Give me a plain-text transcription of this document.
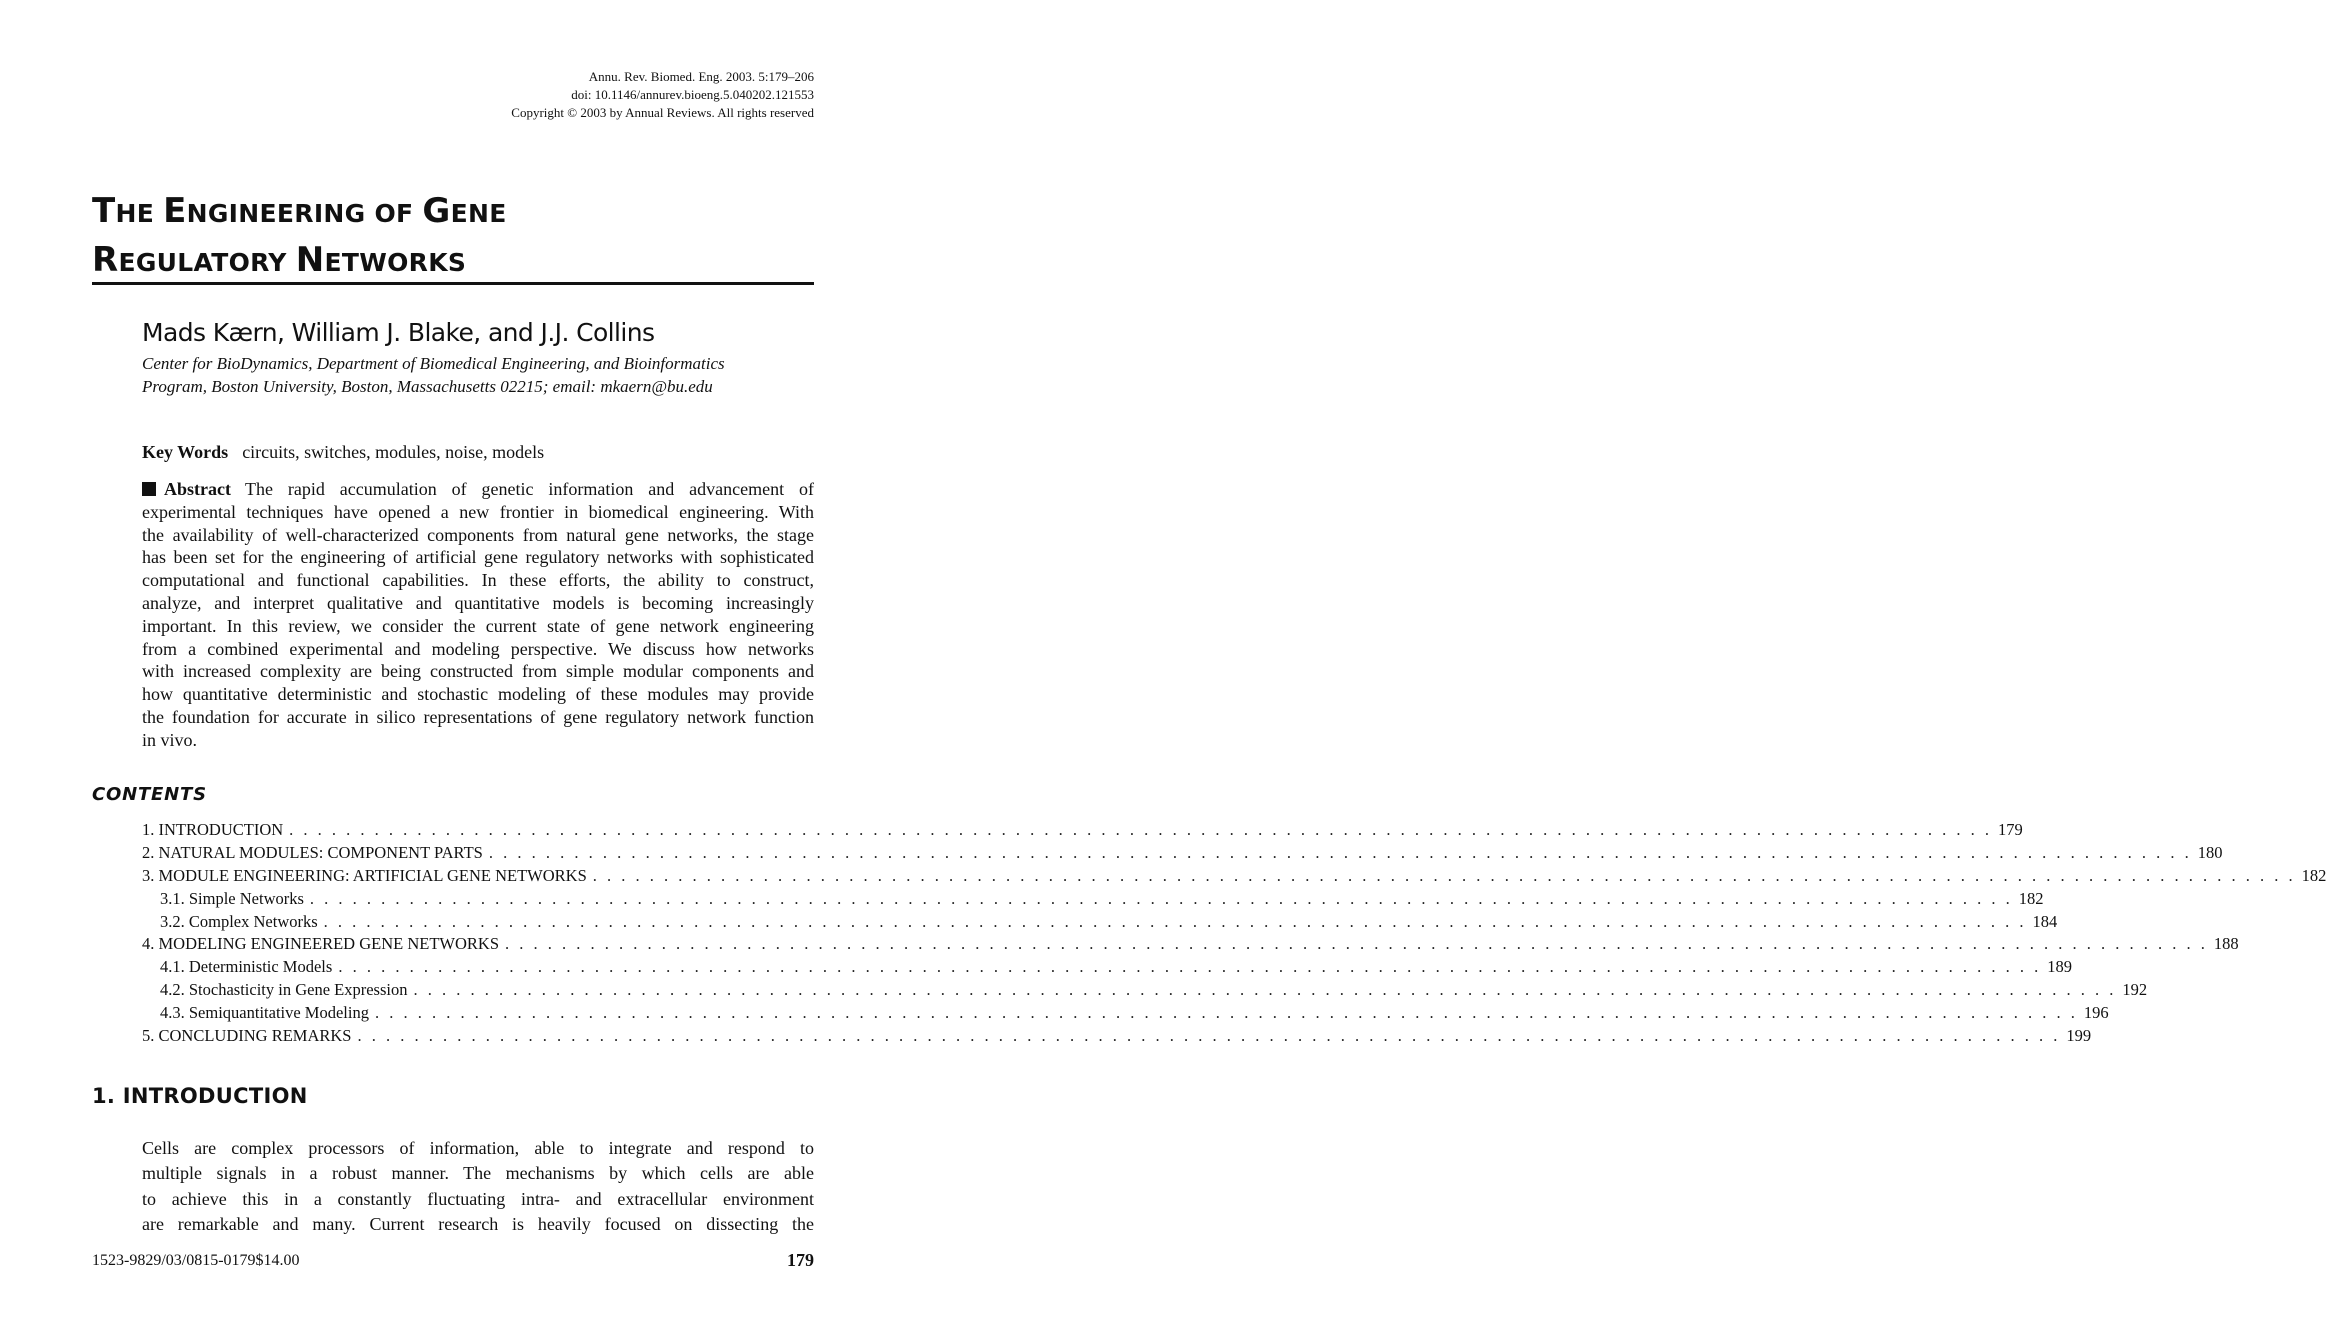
Annu. Rev. Biomed. Eng. 2003. 5:179–206
doi: 10.1146/annurev.bioeng.5.040202.121553
Copyright © 2003 by Annual Reviews. All rights reserved
THE ENGINEERING OF GENE
REGULATORY NETWORKS
Mads Kærn, William J. Blake, and J.J. Collins
Center for BioDynamics, Department of Biomedical Engineering, and Bioinformatics
Program, Boston University, Boston, Massachusetts 02215; email: mkaern@bu.edu
Key Words circuits, switches, modules, noise, models
Abstract The rapid accumulation of genetic information and advancement of
experimental techniques have opened a new frontier in biomedical engineering. With
the availability of well-characterized components from natural gene networks, the stage
has been set for the engineering of artificial gene regulatory networks with sophisticated
computational and functional capabilities. In these efforts, the ability to construct,
analyze, and interpret qualitative and quantitative models is becoming increasingly
important. In this review, we consider the current state of gene network engineering
from a combined experimental and modeling perspective. We discuss how networks
with increased complexity are being constructed from simple modular components and
how quantitative deterministic and stochastic modeling of these modules may provide
the foundation for accurate in silico representations of gene regulatory network function
in vivo.
CONTENTS
1. INTRODUCTION . . . . . . . . . . . . . . . . . . . . . . . . . . . . . . . . . . . . . . . . . . . . . . . . . . . . . . . . . . . . . . . . . . . . . . . . . . . . . . . . . . . . . . . . . . . . . . . . . . . . . . . . . . . . . . . . . . . . . . . . 179
2. NATURAL MODULES: COMPONENT PARTS . . . . . . . . . . . . . . . . . . . . . . . . . . . . . . . . . . . . . . . . . . . . . . . . . . . . . . . . . . . . . . . . . . . . . . . . . . . . . . . . . . . . . . . . . . . . . . . . . . . . . . . . . . . . . . . . . . . . . . . . 180
3. MODULE ENGINEERING: ARTIFICIAL GENE NETWORKS . . . . . . . . . . . . . . . . . . . . . . . . . . . . . . . . . . . . . . . . . . . . . . . . . . . . . . . . . . . . . . . . . . . . . . . . . . . . . . . . . . . . . . . . . . . . . . . . . . . . . . . . . . . . . . . . . . . . . . . . 182
3.1. Simple Networks . . . . . . . . . . . . . . . . . . . . . . . . . . . . . . . . . . . . . . . . . . . . . . . . . . . . . . . . . . . . . . . . . . . . . . . . . . . . . . . . . . . . . . . . . . . . . . . . . . . . . . . . . . . . . . . . . . . . . . . . 182
3.2. Complex Networks . . . . . . . . . . . . . . . . . . . . . . . . . . . . . . . . . . . . . . . . . . . . . . . . . . . . . . . . . . . . . . . . . . . . . . . . . . . . . . . . . . . . . . . . . . . . . . . . . . . . . . . . . . . . . . . . . . . . . . . . 184
4. MODELING ENGINEERED GENE NETWORKS . . . . . . . . . . . . . . . . . . . . . . . . . . . . . . . . . . . . . . . . . . . . . . . . . . . . . . . . . . . . . . . . . . . . . . . . . . . . . . . . . . . . . . . . . . . . . . . . . . . . . . . . . . . . . . . . . . . . . . . . 188
4.1. Deterministic Models . . . . . . . . . . . . . . . . . . . . . . . . . . . . . . . . . . . . . . . . . . . . . . . . . . . . . . . . . . . . . . . . . . . . . . . . . . . . . . . . . . . . . . . . . . . . . . . . . . . . . . . . . . . . . . . . . . . . . . . . 189
4.2. Stochasticity in Gene Expression . . . . . . . . . . . . . . . . . . . . . . . . . . . . . . . . . . . . . . . . . . . . . . . . . . . . . . . . . . . . . . . . . . . . . . . . . . . . . . . . . . . . . . . . . . . . . . . . . . . . . . . . . . . . . . . . . . . . . . . . 192
4.3. Semiquantitative Modeling . . . . . . . . . . . . . . . . . . . . . . . . . . . . . . . . . . . . . . . . . . . . . . . . . . . . . . . . . . . . . . . . . . . . . . . . . . . . . . . . . . . . . . . . . . . . . . . . . . . . . . . . . . . . . . . . . . . . . . . . 196
5. CONCLUDING REMARKS . . . . . . . . . . . . . . . . . . . . . . . . . . . . . . . . . . . . . . . . . . . . . . . . . . . . . . . . . . . . . . . . . . . . . . . . . . . . . . . . . . . . . . . . . . . . . . . . . . . . . . . . . . . . . . . . . . . . . . . . 199
1. INTRODUCTION
Cells are complex processors of information, able to integrate and respond to
multiple signals in a robust manner. The mechanisms by which cells are able
to achieve this in a constantly fluctuating intra- and extracellular environment
are remarkable and many. Current research is heavily focused on dissecting the
1523-9829/03/0815-0179$14.00	179
